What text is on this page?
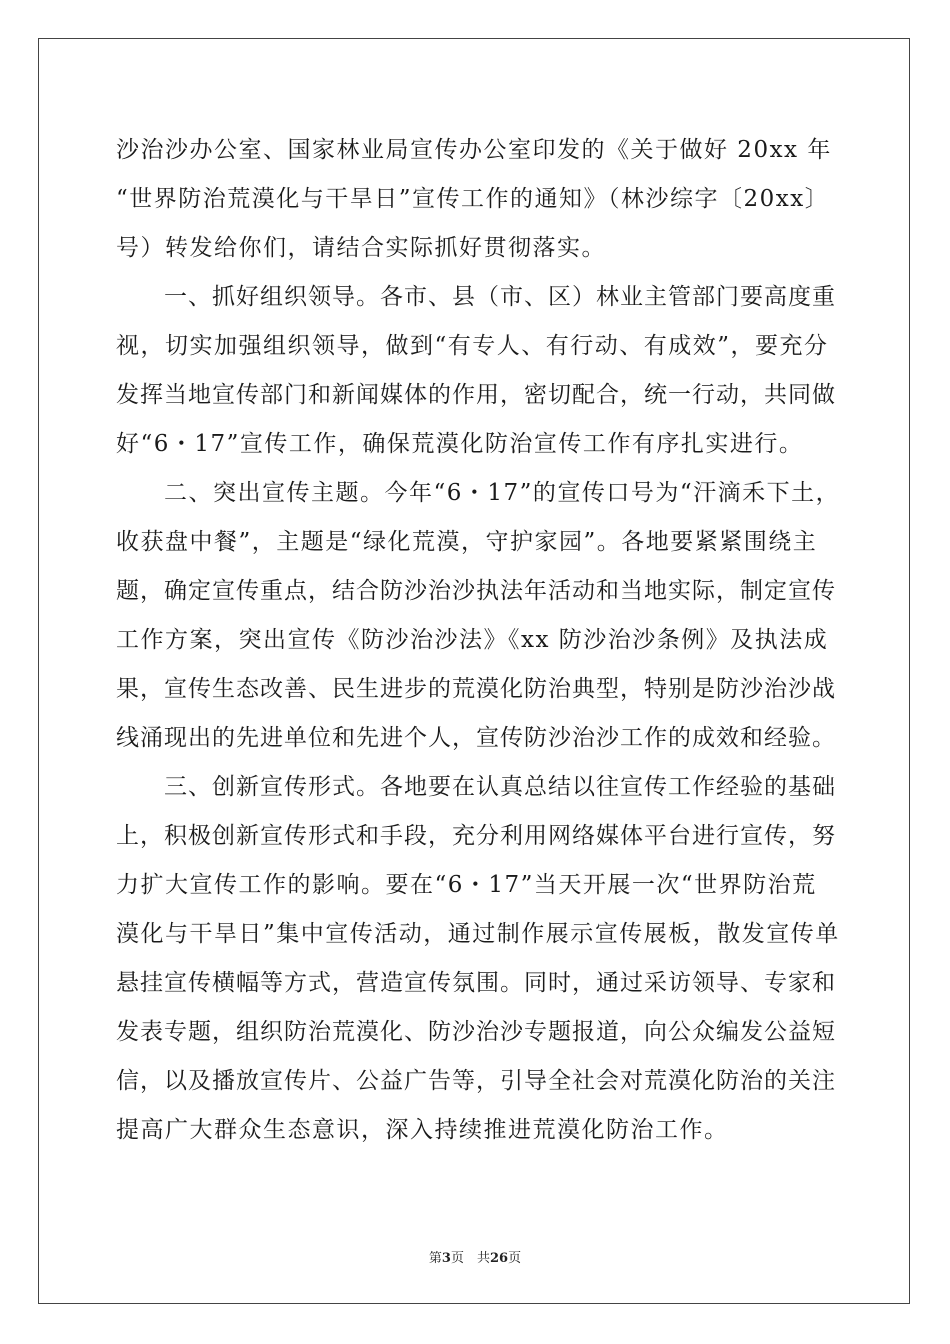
沙治沙办公室、国家林业局宣传办公室印发的《关于做好 20xx 年
“世界防治荒漠化与干旱日”宣传工作的通知》（林沙综字〔20xx〕
号）转发给你们，请结合实际抓好贯彻落实。
一、抓好组织领导。各市、县（市、区）林业主管部门要高度重
视，切实加强组织领导，做到“有专人、有行动、有成效”，要充分
发挥当地宣传部门和新闻媒体的作用，密切配合，统一行动，共同做
好“6・17”宣传工作，确保荒漠化防治宣传工作有序扎实进行。
二、突出宣传主题。今年“6・17”的宣传口号为“汗滴禾下土，
收获盘中餐”，主题是“绿化荒漠，守护家园”。各地要紧紧围绕主
题，确定宣传重点，结合防沙治沙执法年活动和当地实际，制定宣传
工作方案，突出宣传《防沙治沙法》《xx 防沙治沙条例》及执法成
果，宣传生态改善、民生进步的荒漠化防治典型，特别是防沙治沙战
线涌现出的先进单位和先进个人，宣传防沙治沙工作的成效和经验。
三、创新宣传形式。各地要在认真总结以往宣传工作经验的基础
上，积极创新宣传形式和手段，充分利用网络媒体平台进行宣传，努
力扩大宣传工作的影响。要在“6・17”当天开展一次“世界防治荒
漠化与干旱日”集中宣传活动，通过制作展示宣传展板，散发宣传单
悬挂宣传横幅等方式，营造宣传氛围。同时，通过采访领导、专家和
发表专题，组织防治荒漠化、防沙治沙专题报道，向公众编发公益短
信，以及播放宣传片、公益广告等，引导全社会对荒漠化防治的关注
提高广大群众生态意识，深入持续推进荒漠化防治工作。
第3页　共26页
